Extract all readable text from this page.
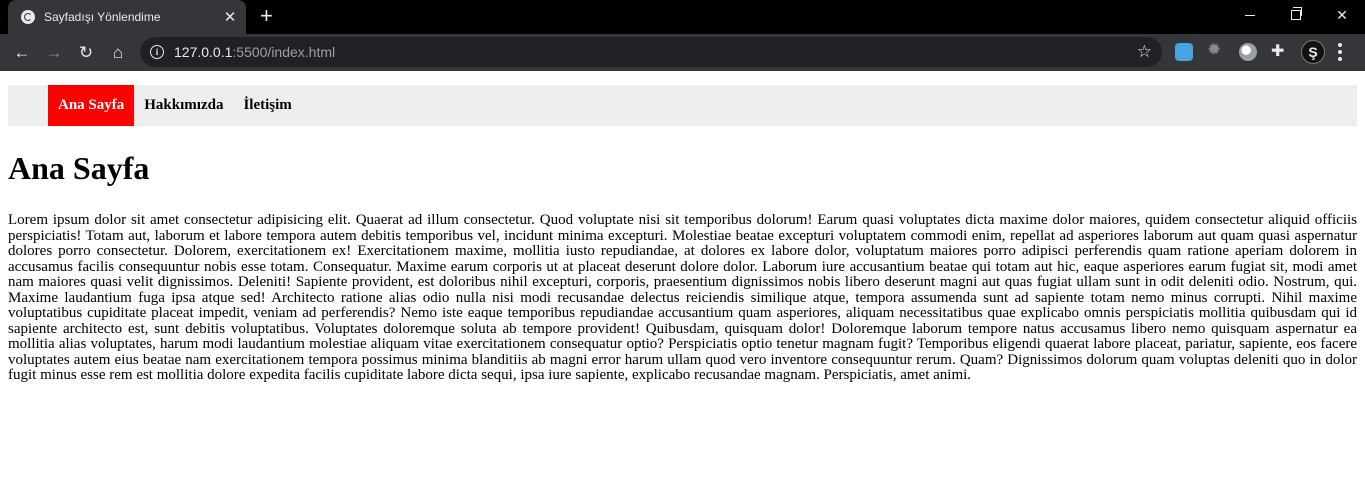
Sayfadışı Yönlendime	✕ +	✕
← → ↻	⌂	i	127.0.0.1:5500/index.html	☆	✹	✚	Ş
Ana Sayfa	Hakkımızda	İletişim
Ana Sayfa

Lorem ipsum dolor sit amet consectetur adipisicing elit. Quaerat ad illum consectetur. Quod voluptate nisi sit temporibus dolorum! Earum quasi voluptates dicta maxime dolor maiores, quidem consectetur aliquid officiis perspiciatis! Totam aut, laborum et labore tempora autem debitis temporibus vel, incidunt minima excepturi. Molestiae beatae excepturi voluptatem commodi enim, repellat ad asperiores laborum aut quam quasi aspernatur dolores porro consectetur. Dolorem, exercitationem ex! Exercitationem maxime, mollitia iusto repudiandae, at dolores ex labore dolor, voluptatum maiores porro adipisci perferendis quam ratione aperiam dolorem in accusamus facilis consequuntur nobis esse totam. Consequatur. Maxime earum corporis ut at placeat deserunt dolore dolor. Laborum iure accusantium beatae qui totam aut hic, eaque asperiores earum fugiat sit, modi amet nam maiores quasi velit dignissimos. Deleniti! Sapiente provident, est doloribus nihil excepturi, corporis, praesentium dignissimos nobis libero deserunt magni aut quas fugiat ullam sunt in odit deleniti odio. Nostrum, qui. Maxime laudantium fuga ipsa atque sed! Architecto ratione alias odio nulla nisi modi recusandae delectus reiciendis similique atque, tempora assumenda sunt ad sapiente totam nemo minus corrupti. Nihil maxime voluptatibus cupiditate placeat impedit, veniam ad perferendis? Nemo iste eaque temporibus repudiandae accusantium quam asperiores, aliquam necessitatibus quae explicabo omnis perspiciatis mollitia quibusdam qui id sapiente architecto est, sunt debitis voluptatibus. Voluptates doloremque soluta ab tempore provident! Quibusdam, quisquam dolor! Doloremque laborum tempore natus accusamus libero nemo quisquam aspernatur ea mollitia alias voluptates, harum modi laudantium molestiae aliquam vitae exercitationem consequatur optio? Perspiciatis optio tenetur magnam fugit? Temporibus eligendi quaerat labore placeat, pariatur, sapiente, eos facere voluptates autem eius beatae nam exercitationem tempora possimus minima blanditiis ab magni error harum ullam quod vero inventore consequuntur rerum. Quam? Dignissimos dolorum quam voluptas deleniti quo in dolor fugit minus esse rem est mollitia dolore expedita facilis cupiditate labore dicta sequi, ipsa iure sapiente, explicabo recusandae magnam. Perspiciatis, amet animi.
